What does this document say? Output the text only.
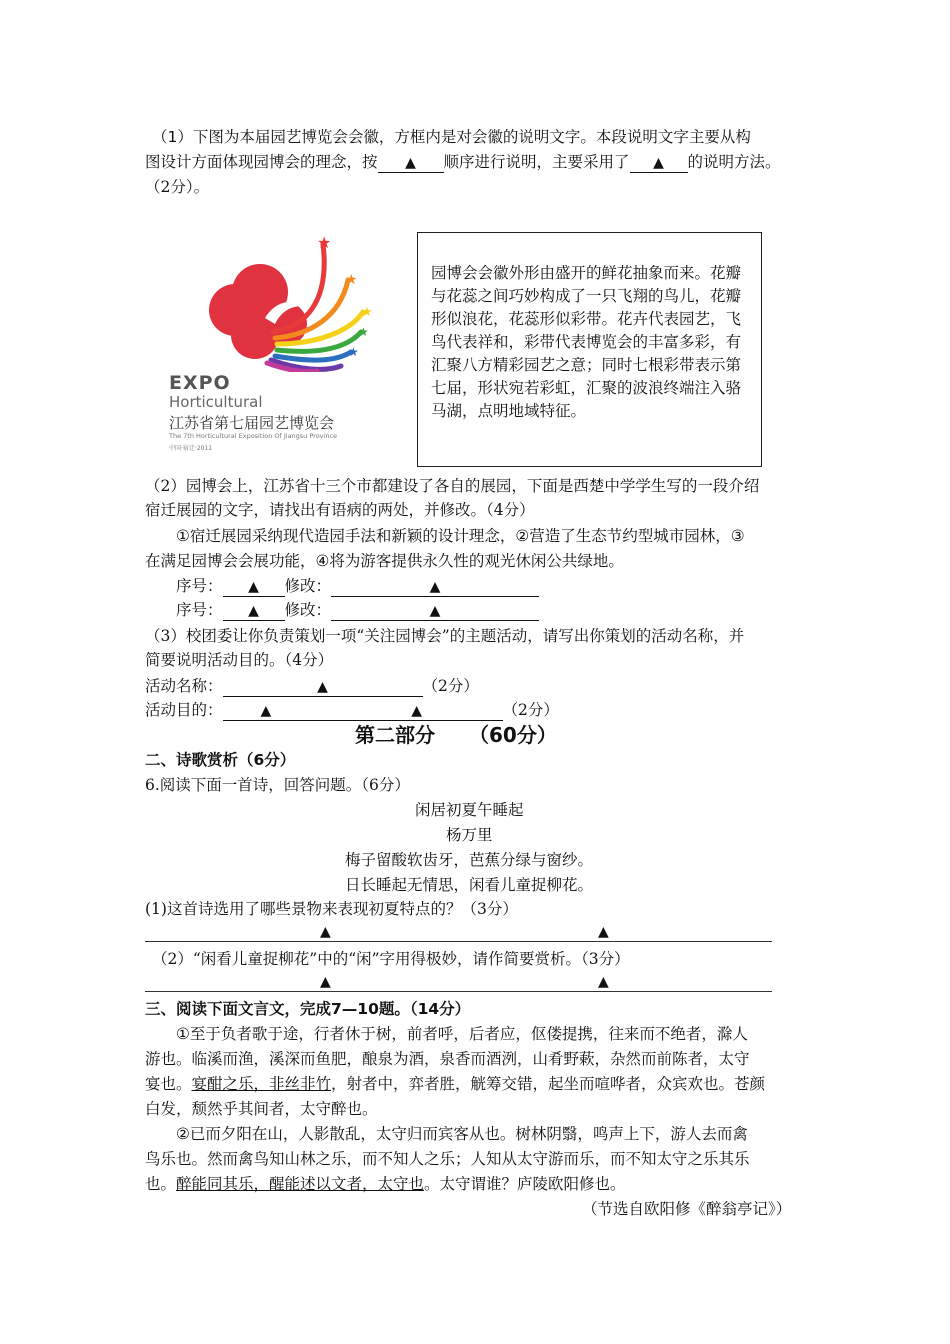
（1）下图为本届园艺博览会会徽，方框内是对会徽的说明文字。本段说明文字主要从构
图设计方面体现园博会的理念，按 ▲ 顺序进行说明，主要采用了 ▲ 的说明方法。
（2分）。
★
★
★
★
★
EXPO
Horticultural
江苏省第七届园艺博览会
The 7th Horticultural Exposition Of Jiangsu Province
中国·宿迁·2011
园博会会徽外形由盛开的鲜花抽象而来。花瓣与花蕊之间巧妙构成了一只飞翔的鸟儿，花瓣形似浪花，花蕊形似彩带。花卉代表园艺，飞鸟代表祥和，彩带代表博览会的丰富多彩，有汇聚八方精彩园艺之意；同时七根彩带表示第七届，形状宛若彩虹，汇聚的波浪终端注入骆马湖，点明地域特征。
（2）园博会上，江苏省十三个市都建设了各自的展园，下面是西楚中学学生写的一段介绍
宿迁展园的文字，请找出有语病的两处，并修改。（4分）
①宿迁展园采纳现代造园手法和新颖的设计理念，②营造了生态节约型城市园林，③
在满足园博会会展功能，④将为游客提供永久性的观光休闲公共绿地。
序号： ▲ 修改：	▲
序号： ▲ 修改：	▲
（3）校团委让你负责策划一项“关注园博会”的主题活动，请写出你策划的活动名称，并
简要说明活动目的。（4分）
活动名称：	▲	（2分）
活动目的：	▲	▲	（2分）
第二部分 （60分）
二、诗歌赏析（6分）
6.阅读下面一首诗，回答问题。（6分）
闲居初夏午睡起
杨万里
梅子留酸软齿牙，芭蕉分绿与窗纱。
日长睡起无情思，闲看儿童捉柳花。
(1)这首诗选用了哪些景物来表现初夏特点的？（3分）
▲	▲
（2）“闲看儿童捉柳花”中的“闲”字用得极妙，请作简要赏析。（3分）
▲	▲
三、阅读下面文言文，完成7—10题。（14分）
①至于负者歌于途，行者休于树，前者呼，后者应，伛偻提携，往来而不绝者，滁人
游也。临溪而渔，溪深而鱼肥，酿泉为酒，泉香而酒洌，山肴野蔌，杂然而前陈者，太守
宴也。宴酣之乐，非丝非竹，射者中，弈者胜，觥筹交错，起坐而喧哗者，众宾欢也。苍颜
白发，颓然乎其间者，太守醉也。
②已而夕阳在山，人影散乱，太守归而宾客从也。树林阴翳，鸣声上下，游人去而禽
鸟乐也。然而禽鸟知山林之乐，而不知人之乐；人知从太守游而乐，而不知太守之乐其乐
也。醉能同其乐，醒能述以文者，太守也。太守谓谁？庐陵欧阳修也。
（节选自欧阳修《醉翁亭记》）
